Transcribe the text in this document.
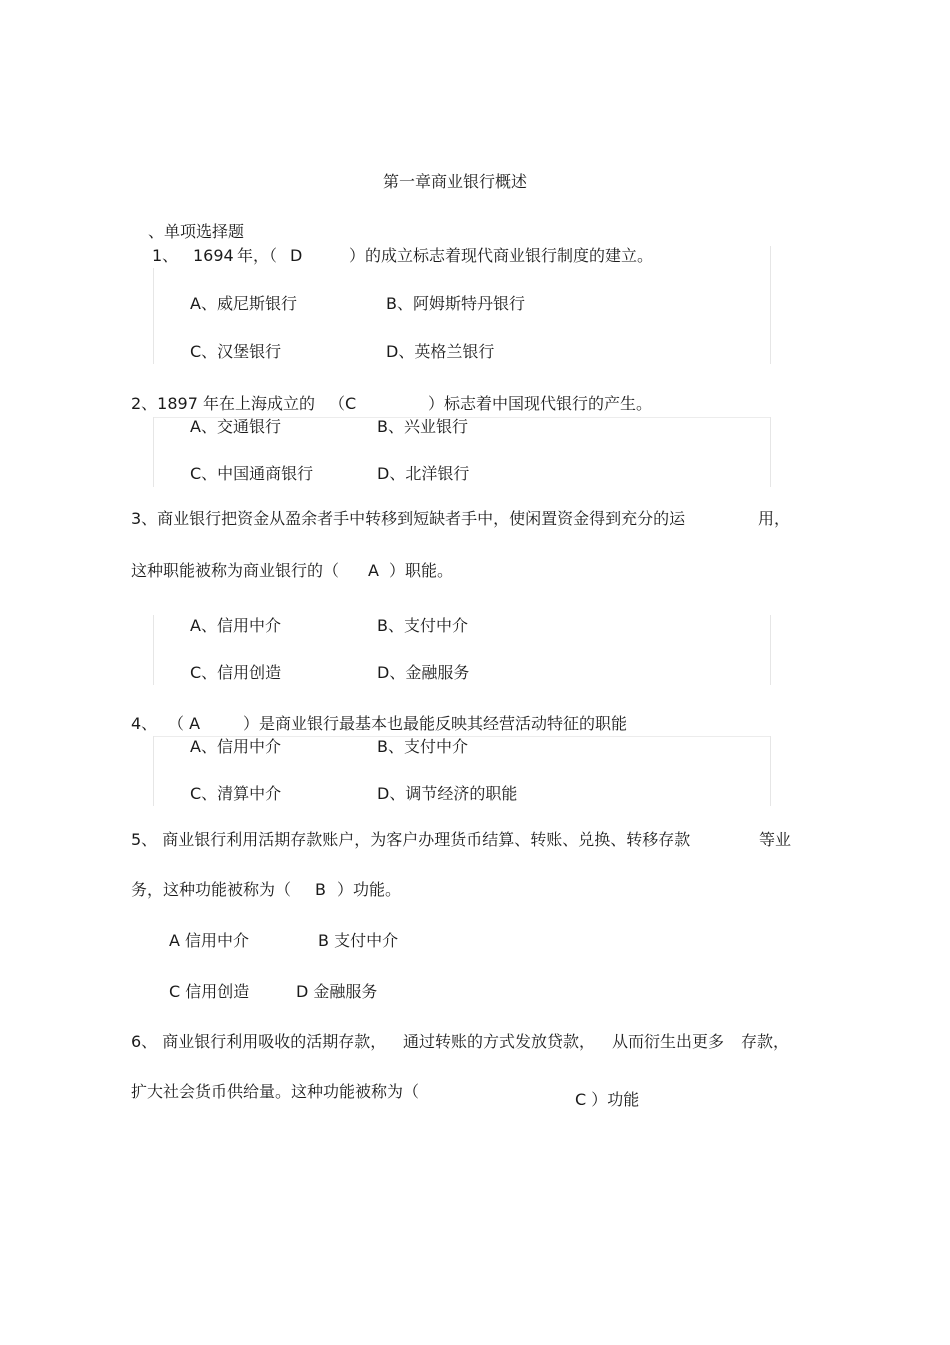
第一章商业银行概述
、单项选择题
1、 1694 年，（ D	）的成立标志着现代商业银行制度的建立。
A、威尼斯银行	B、阿姆斯特丹银行
C、汉堡银行	D、英格兰银行
2、1897 年在上海成立的 （C	）标志着中国现代银行的产生。
A、交通银行	B、兴业银行
C、中国通商银行	D、北洋银行
3、商业银行把资金从盈余者手中转移到短缺者手中，使闲置资金得到充分的运	用，
这种职能被称为商业银行的（ A ）职能。
A、信用中介	B、支付中介
C、信用创造	D、金融服务
4、 （ A	）是商业银行最基本也最能反映其经营活动特征的职能
A、信用中介	B、支付中介
C、清算中介	D、调节经济的职能
5、 商业银行利用活期存款账户，为客户办理货币结算、转账、兑换、转移存款	等业
务，这种功能被称为（ B ）功能。
A 信用中介	B 支付中介
C 信用创造	D 金融服务
6、 商业银行利用吸收的活期存款， 通过转账的方式发放贷款， 从而衍生出更多 存款，
扩大社会货币供给量。这种功能被称为（	C ）功能
